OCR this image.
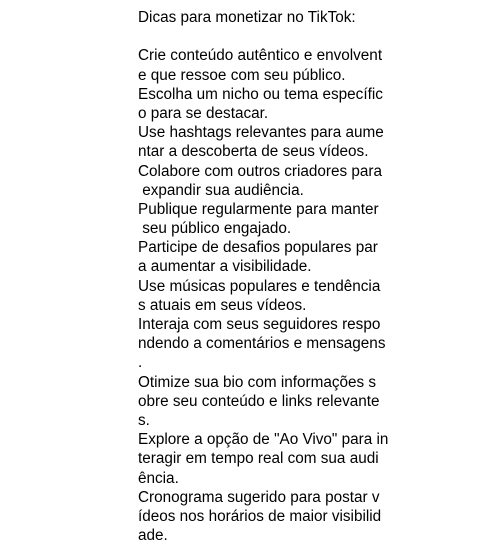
Dicas para monetizar no TikTok:
Crie conteúdo autêntico e envolvent
e que ressoe com seu público.
Escolha um nicho ou tema específic
o para se destacar.
Use hashtags relevantes para aume
ntar a descoberta de seus vídeos.
Colabore com outros criadores para
expandir sua audiência.
Publique regularmente para manter
seu público engajado.
Participe de desafios populares par
a aumentar a visibilidade.
Use músicas populares e tendência
s atuais em seus vídeos.
Interaja com seus seguidores respo
ndendo a comentários e mensagens
.
Otimize sua bio com informações s
obre seu conteúdo e links relevante
s.
Explore a opção de "Ao Vivo" para in
teragir em tempo real com sua audi
ência.
Cronograma sugerido para postar v
ídeos nos horários de maior visibilid
ade.
